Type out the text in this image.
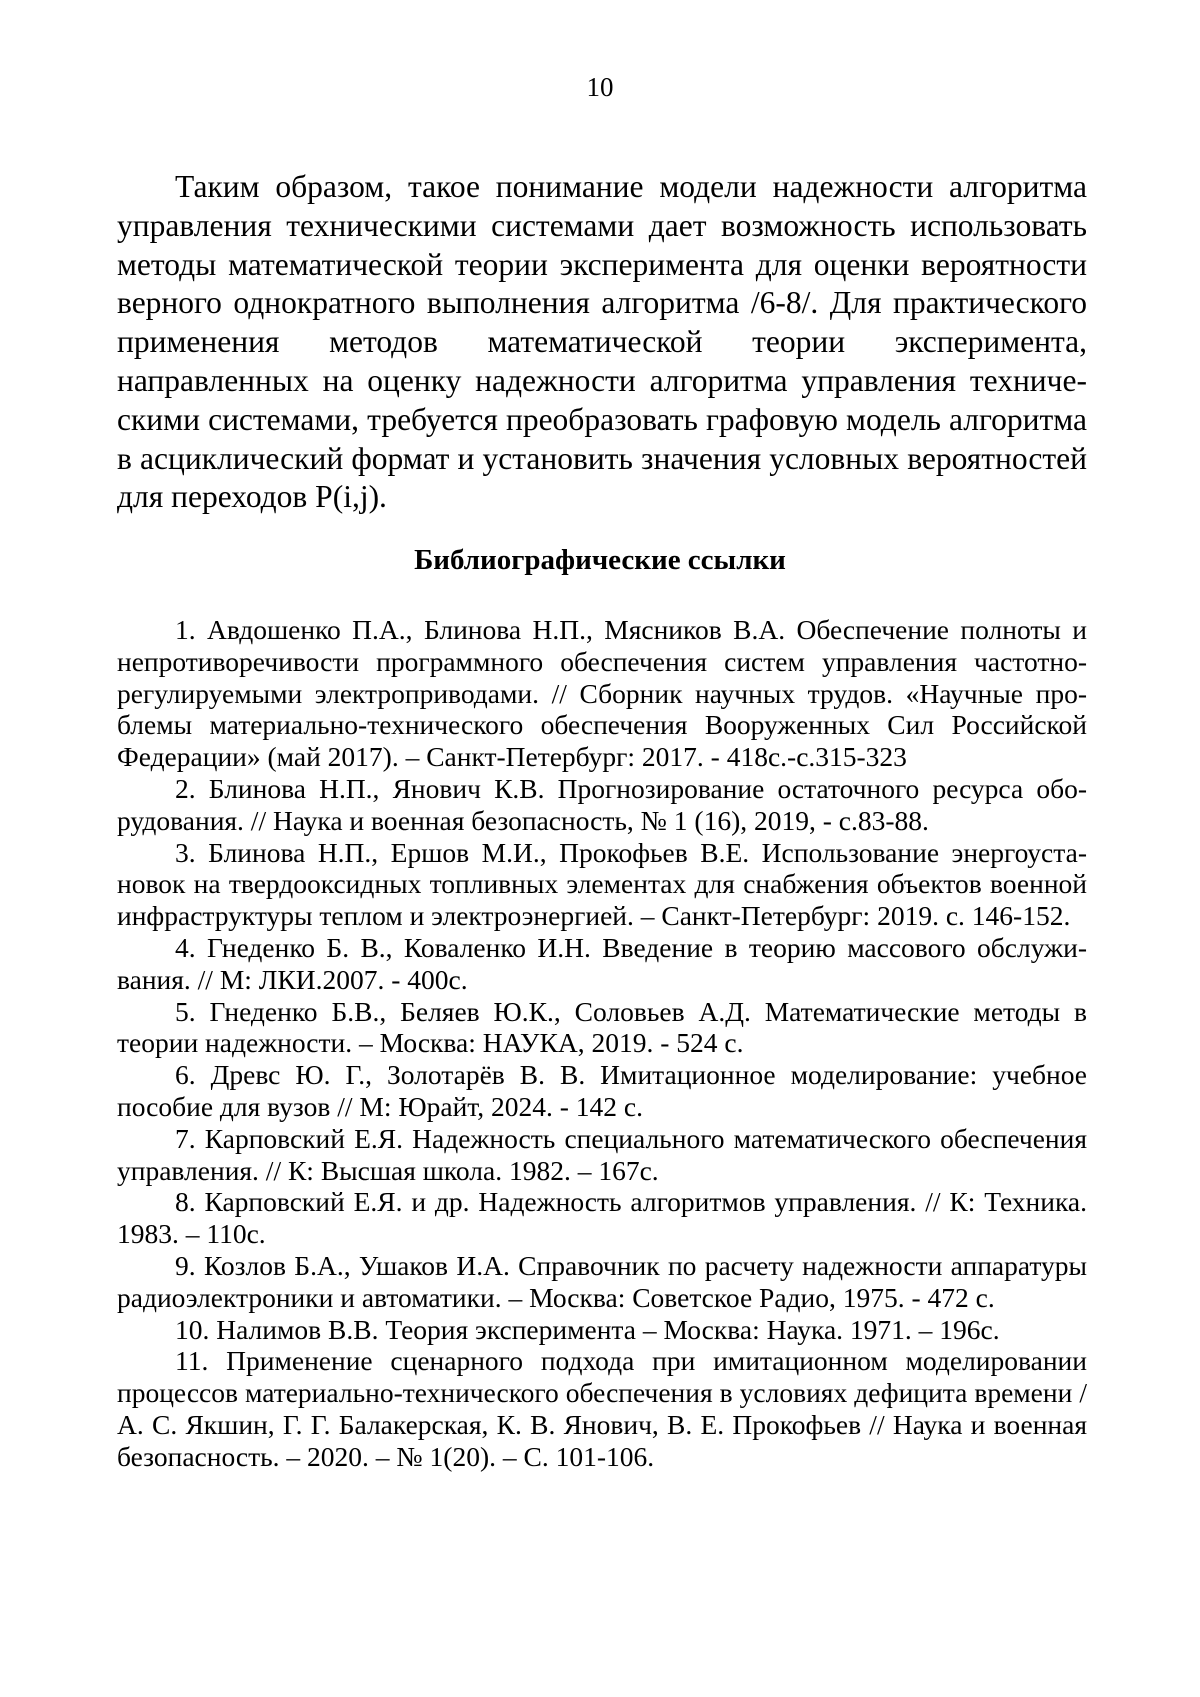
10

Таким образом, такое понимание модели надежности алгоритма управления техническими системами дает возможность использовать методы математической теории эксперимента для оценки вероятности верного однократного выполнения алгоритма /6-8/. Для практического применения методов математической теории эксперимента, направленных на оценку надежности алгоритма управления техническими системами, требуется преобразовать графовую модель алгоритма в асциклический формат и установить значения условных вероятностей для переходов P(i,j).

Библиографические ссылки
1. Авдошенко П.А., Блинова Н.П., Мясников В.А. Обеспечение полноты и непротиворечивости программного обеспечения систем управления частотнорегулируемыми электроприводами. // Сборник научных трудов. «Научные проблемы материально-технического обеспечения Вооруженных Сил Российской Федерации» (май 2017). – Санкт-Петербург: 2017. - 418с.-с.315-323
2. Блинова Н.П., Янович К.В. Прогнозирование остаточного ресурса оборудования. // Наука и военная безопасность, № 1 (16), 2019, - с.83-88.
3. Блинова Н.П., Ершов М.И., Прокофьев В.Е. Использование энергоустановок на твердооксидных топливных элементах для снабжения объектов военной инфраструктуры теплом и электроэнергией. – Санкт-Петербург: 2019. с. 146-152.
4. Гнеденко Б. В., Коваленко И.Н. Введение в теорию массового обслуживания. // М: ЛКИ.2007. - 400с.
5. Гнеденко Б.В., Беляев Ю.К., Соловьев А.Д. Математические методы в теории надежности. – Москва: НАУКА, 2019. - 524 с.
6. Древс Ю. Г., Золотарёв В. В. Имитационное моделирование: учебное пособие для вузов // М: Юрайт, 2024. - 142 с.
7. Карповский Е.Я. Надежность специального математического обеспечения управления. // К: Высшая школа. 1982. – 167с.
8. Карповский Е.Я. и др. Надежность алгоритмов управления. // К: Техника. 1983. – 110с.
9. Козлов Б.А., Ушаков И.А. Справочник по расчету надежности аппаратуры радиоэлектроники и автоматики. – Москва: Советское Радио, 1975. - 472 с.
10. Налимов В.В. Теория эксперимента – Москва: Наука. 1971. – 196с.
11. Применение сценарного подхода при имитационном моделировании процессов материально-технического обеспечения в условиях дефицита времени / А. С. Якшин, Г. Г. Балакерская, К. В. Янович, В. Е. Прокофьев // Наука и военная безопасность. – 2020. – № 1(20). – С. 101-106.
